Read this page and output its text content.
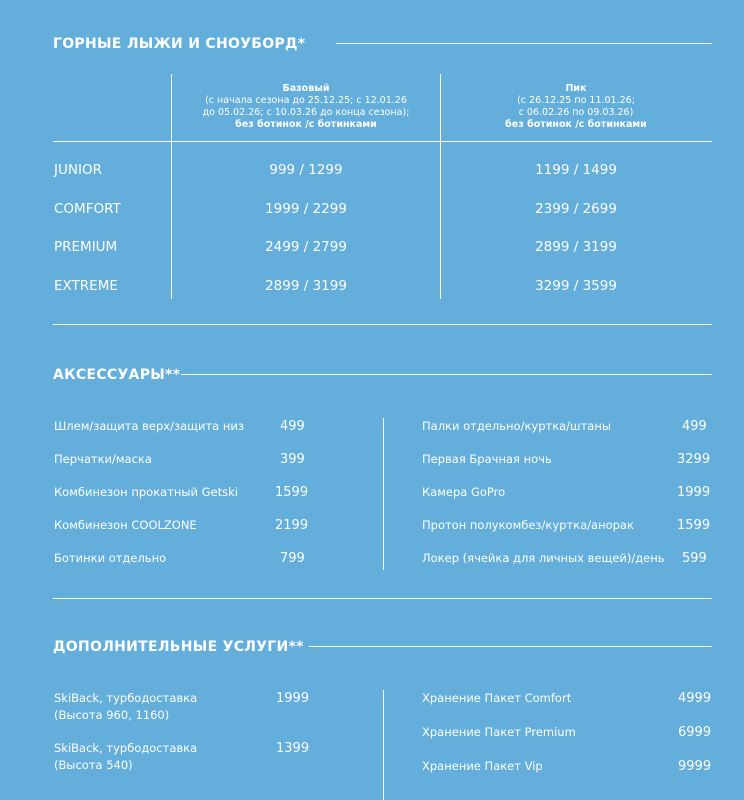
ГОРНЫЕ ЛЫЖИ И СНОУБОРД*
Базовый
(с начала сезона до 25.12.25; с 12.01.26
до 05.02.26; с 10.03.26 до конца сезона);
без ботинок /с ботинками
Пик
(с 26.12.25 по 11.01.26;
с 06.02.26 по 09.03.26)
без ботинок /с ботинками
JUNIOR	999 / 1299	1199 / 1499
COMFORT	1999 / 2299	2399 / 2699
PREMIUM	2499 / 2799	2899 / 3199
EXTREME	2899 / 3199	3299 / 3599
АКСЕССУАРЫ**
Шлем/защита верх/защита низ	499
Перчатки/маска	399
Комбинезон прокатный Getski	1599
Комбинезон COOLZONE	2199
Ботинки отдельно	799
Палки отдельно/куртка/штаны	499
Первая Брачная ночь	3299
Камера GoPro	1999
Протон полукомбез/куртка/анорак	1599
Локер (ячейка для личных вещей)/день 599
ДОПОЛНИТЕЛЬНЫЕ УСЛУГИ**
SkiBack, турбодоставка
(Высота 960, 1160)
1999
SkiBack, турбодоставка
(Высота 540)
1399
Хранение Пакет Comfort	4999
Хранение Пакет Premium	6999
Хранение Пакет Vip	9999
